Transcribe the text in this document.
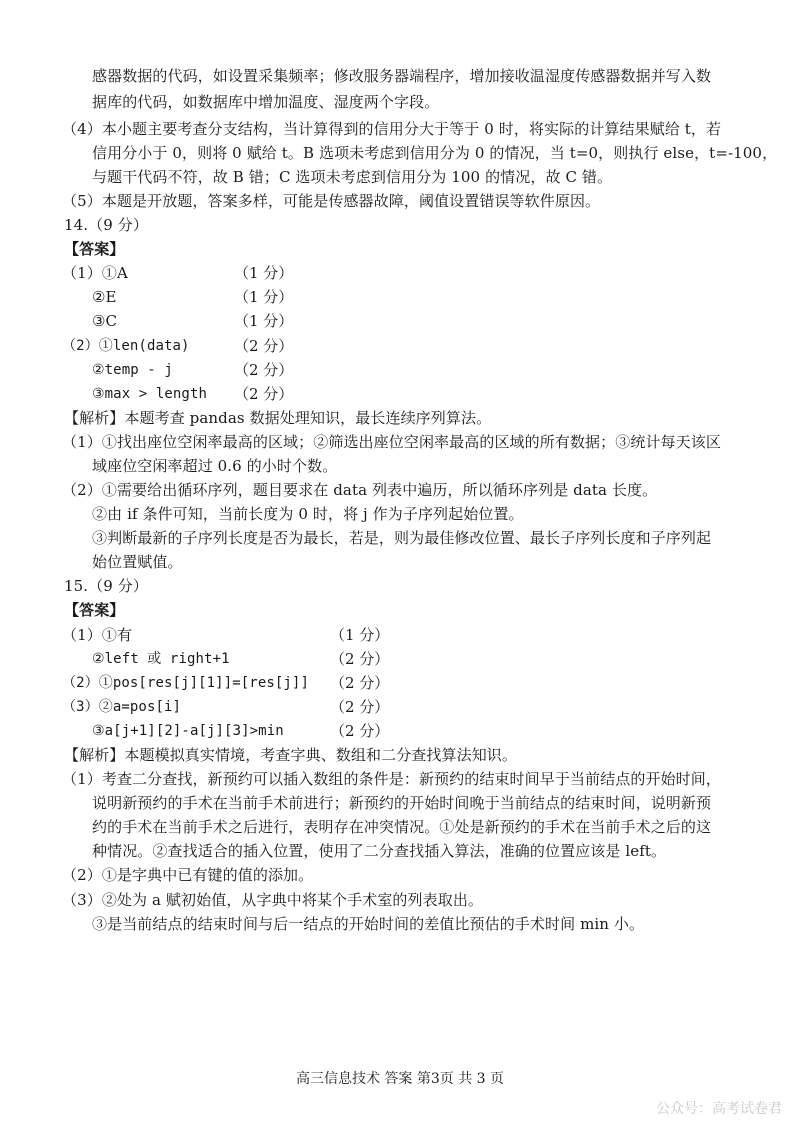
感器数据的代码，如设置采集频率；修改服务器端程序，增加接收温湿度传感器数据并写入数
据库的代码，如数据库中增加温度、湿度两个字段。
（4）本小题主要考查分支结构，当计算得到的信用分大于等于 0 时，将实际的计算结果赋给 t，若
信用分小于 0，则将 0 赋给 t。B 选项未考虑到信用分为 0 的情况，当 t=0，则执行 else，t=-100，
与题干代码不符，故 B 错；C 选项未考虑到信用分为 100 的情况，故 C 错。
（5）本题是开放题，答案多样，可能是传感器故障，阈值设置错误等软件原因。
14.（9 分）
【答案】
（1）①A
②E
③C
（2）①len(data)
②temp - j
③max > length
（1 分）
（1 分）
（1 分）
（2 分）
（2 分）
（2 分）
【解析】本题考查 pandas 数据处理知识，最长连续序列算法。
（1）①找出座位空闲率最高的区域；②筛选出座位空闲率最高的区域的所有数据；③统计每天该区
域座位空闲率超过 0.6 的小时个数。
（2）①需要给出循环序列，题目要求在 data 列表中遍历，所以循环序列是 data 长度。
②由 if 条件可知，当前长度为 0 时，将 j 作为子序列起始位置。
③判断最新的子序列长度是否为最长，若是，则为最佳修改位置、最长子序列长度和子序列起
始位置赋值。
15.（9 分）
【答案】
（1）①有
②left 或 right+1
（2）①pos[res[j][1]]=[res[j]]
（3）②a=pos[i]
③a[j+1][2]-a[j][3]>min
（1 分）
（2 分）
（2 分）
（2 分）
（2 分）
【解析】本题模拟真实情境，考查字典、数组和二分查找算法知识。
（1）考查二分查找，新预约可以插入数组的条件是：新预约的结束时间早于当前结点的开始时间，
说明新预约的手术在当前手术前进行；新预约的开始时间晚于当前结点的结束时间，说明新预
约的手术在当前手术之后进行，表明存在冲突情况。①处是新预约的手术在当前手术之后的这
种情况。②查找适合的插入位置，使用了二分查找插入算法，准确的位置应该是 left。
（2）①是字典中已有键的值的添加。
（3）②处为 a 赋初始值，从字典中将某个手术室的列表取出。
③是当前结点的结束时间与后一结点的开始时间的差值比预估的手术时间 min 小。
高三信息技术 答案 第3页 共 3 页
公众号：高考试卷君
